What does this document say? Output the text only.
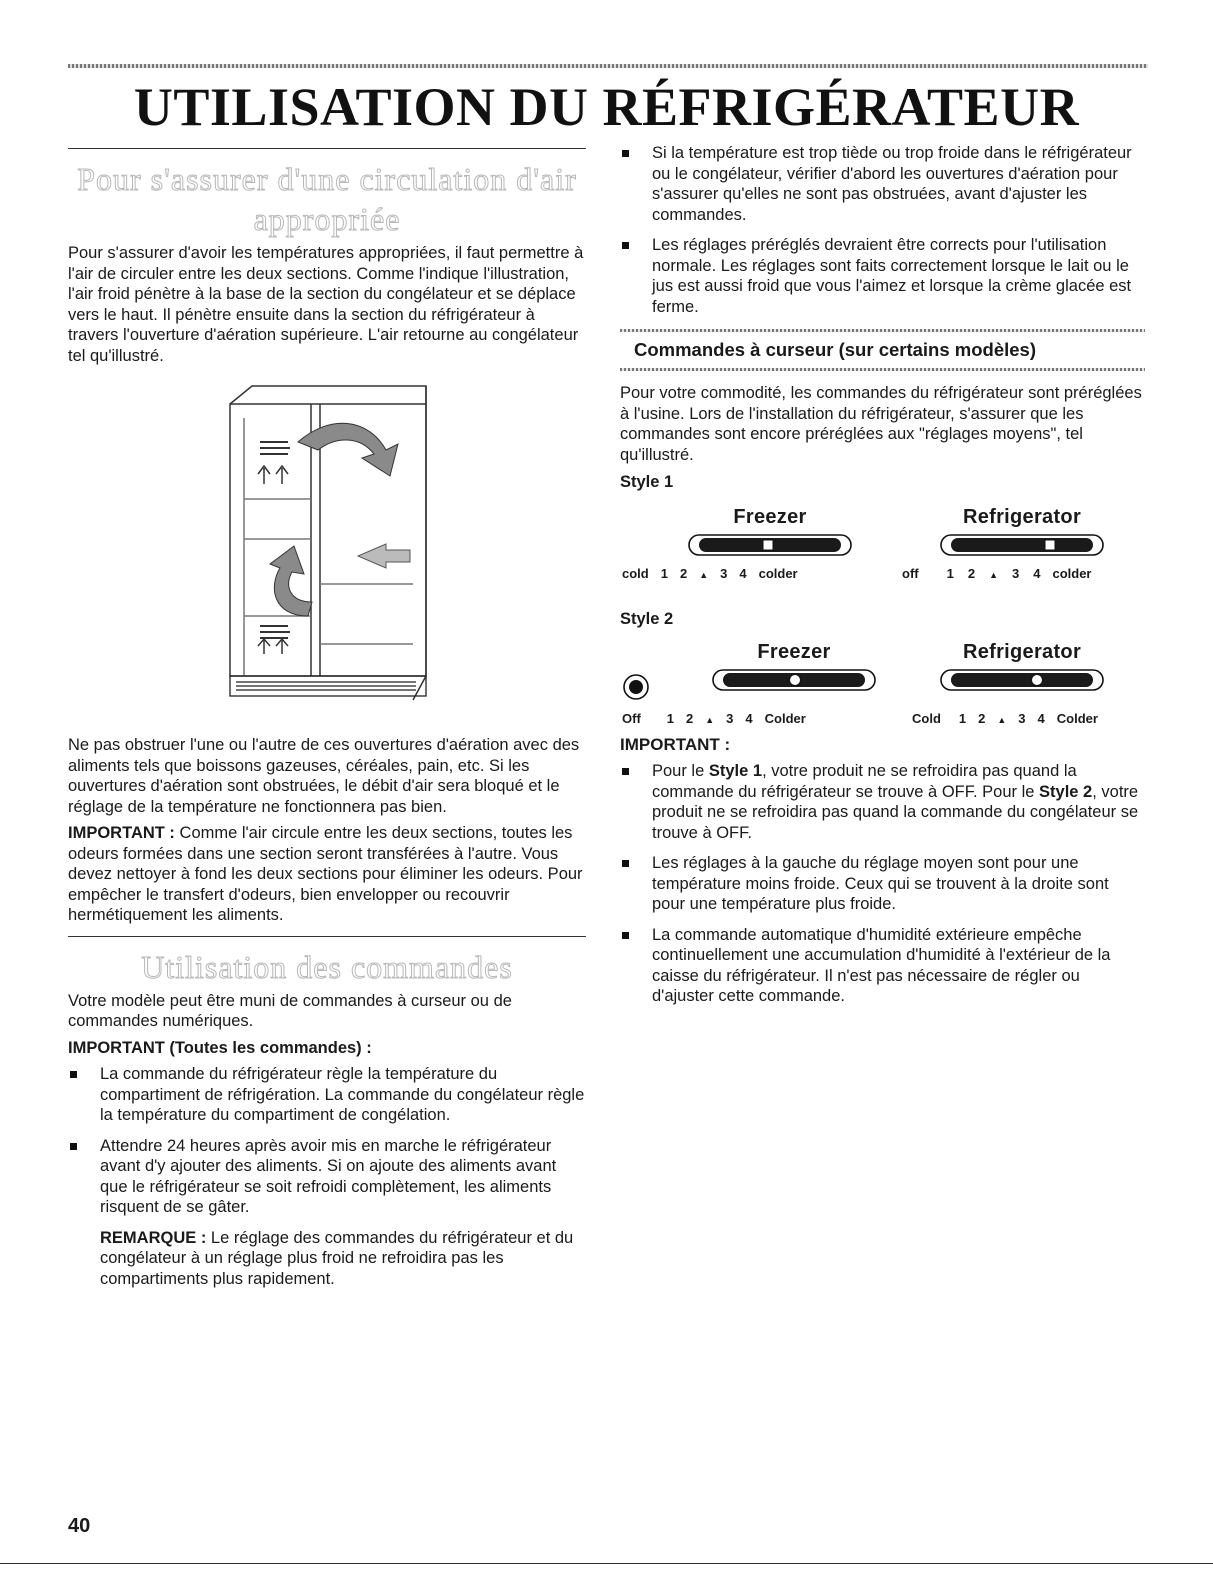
UTILISATION DU RÉFRIGÉRATEUR
Pour s'assurer d'une circulation d'air appropriée

Pour s'assurer d'avoir les températures appropriées, il faut permettre à l'air de circuler entre les deux sections. Comme l'indique l'illustration, l'air froid pénètre à la base de la section du congélateur et se déplace vers le haut. Il pénètre ensuite dans la section du réfrigérateur à travers l'ouverture d'aération supérieure. L'air retourne au congélateur tel qu'illustré.

Ne pas obstruer l'une ou l'autre de ces ouvertures d'aération avec des aliments tels que boissons gazeuses, céréales, pain, etc. Si les ouvertures d'aération sont obstruées, le débit d'air sera bloqué et le réglage de la température ne fonctionnera pas bien.

IMPORTANT : Comme l'air circule entre les deux sections, toutes les odeurs formées dans une section seront transférées à l'autre. Vous devez nettoyer à fond les deux sections pour éliminer les odeurs. Pour empêcher le transfert d'odeurs, bien envelopper ou recouvrir hermétiquement les aliments.

Utilisation des commandes

Votre modèle peut être muni de commandes à curseur ou de commandes numériques.

IMPORTANT (Toutes les commandes) :

La commande du réfrigérateur règle la température du compartiment de réfrigération. La commande du congélateur règle la température du compartiment de congélation.
Attendre 24 heures après avoir mis en marche le réfrigérateur avant d'y ajouter des aliments. Si on ajoute des aliments avant que le réfrigérateur se soit refroidi complètement, les aliments risquent de se gâter.

REMARQUE : Le réglage des commandes du réfrigérateur et du congélateur à un réglage plus froid ne refroidira pas les compartiments plus rapidement.

Si la température est trop tiède ou trop froide dans le réfrigérateur ou le congélateur, vérifier d'abord les ouvertures d'aération pour s'assurer qu'elles ne sont pas obstruées, avant d'ajuster les commandes.
Les réglages préréglés devraient être corrects pour l'utilisation normale. Les réglages sont faits correctement lorsque le lait ou le jus est aussi froid que vous l'aimez et lorsque la crème glacée est ferme.
Commandes à curseur (sur certains modèles)

Pour votre commodité, les commandes du réfrigérateur sont préréglées à l'usine. Lors de l'installation du réfrigérateur, s'assurer que les commandes sont encore préréglées aux "réglages moyens", tel qu'illustré.

Style 1
Freezer
cold 1 2 ▲ 3 4 colder
Refrigerator
off 1 2 ▲ 3 4 colder
Style 2
Freezer
Off 1 2 ▲ 3 4 Colder
Refrigerator
Cold 1 2 ▲ 3 4 Colder
IMPORTANT :
Pour le Style 1, votre produit ne se refroidira pas quand la commande du réfrigérateur se trouve à OFF. Pour le Style 2, votre produit ne se refroidira pas quand la commande du congélateur se trouve à OFF.
Les réglages à la gauche du réglage moyen sont pour une température moins froide. Ceux qui se trouvent à la droite sont pour une température plus froide.
La commande automatique d'humidité extérieure empêche continuellement une accumulation d'humidité à l'extérieur de la caisse du réfrigérateur. Il n'est pas nécessaire de régler ou d'ajuster cette commande.
40
